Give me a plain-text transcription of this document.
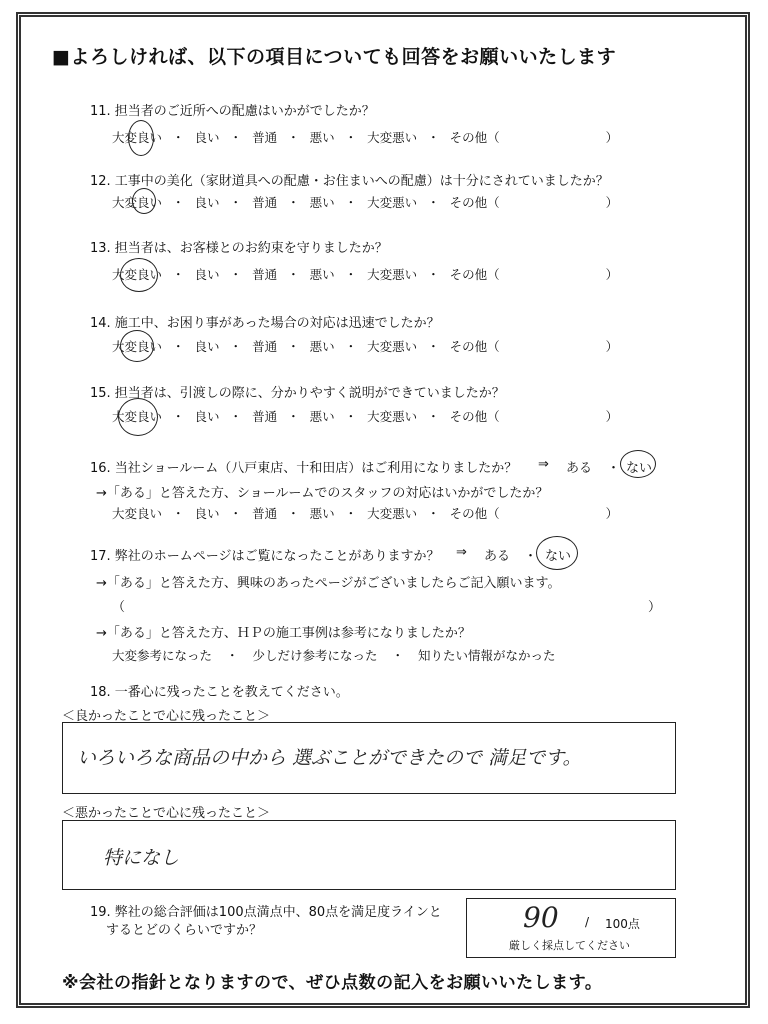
■よろしければ、以下の項目についても回答をお願いいたします
11. 担当者のご近所への配慮はいかがでしたか？
大変良い ・ 良い ・ 普通 ・ 悪い ・ 大変悪い ・ その他（	）
12. 工事中の美化（家財道具への配慮・お住まいへの配慮）は十分にされていましたか？
大変良い ・ 良い ・ 普通 ・ 悪い ・ 大変悪い ・ その他（	）
13. 担当者は、お客様とのお約束を守りましたか？
大変良い ・ 良い ・ 普通 ・ 悪い ・ 大変悪い ・ その他（	）
14. 施工中、お困り事があった場合の対応は迅速でしたか？
大変良い ・ 良い ・ 普通 ・ 悪い ・ 大変悪い ・ その他（	）
15. 担当者は、引渡しの際に、分かりやすく説明ができていましたか？
大変良い ・ 良い ・ 普通 ・ 悪い ・ 大変悪い ・ その他（	）
16. 当社ショールーム（八戸東店、十和田店）はご利用になりましたか？ ⇒ ある ・ ない
→「ある」と答えた方、ショールームでのスタッフの対応はいかがでしたか？
大変良い ・ 良い ・ 普通 ・ 悪い ・ 大変悪い ・ その他（	）
17. 弊社のホームページはご覧になったことがありますか？ ⇒ ある ・ ない
→「ある」と答えた方、興味のあったページがございましたらご記入願います。
（	）
→「ある」と答えた方、ＨＰの施工事例は参考になりましたか？
大変参考になった ・ 少しだけ参考になった ・ 知りたい情報がなかった
18. 一番心に残ったことを教えてください。
＜良かったことで心に残ったこと＞
いろいろな商品の中から 選ぶことができたので 満足です。
＜悪かったことで心に残ったこと＞
特になし
19. 弊社の総合評価は100点満点中、80点を満足度ラインと
するとどのくらいですか？	90 / 100点
厳しく採点してください
※会社の指針となりますので、ぜひ点数の記入をお願いいたします。
